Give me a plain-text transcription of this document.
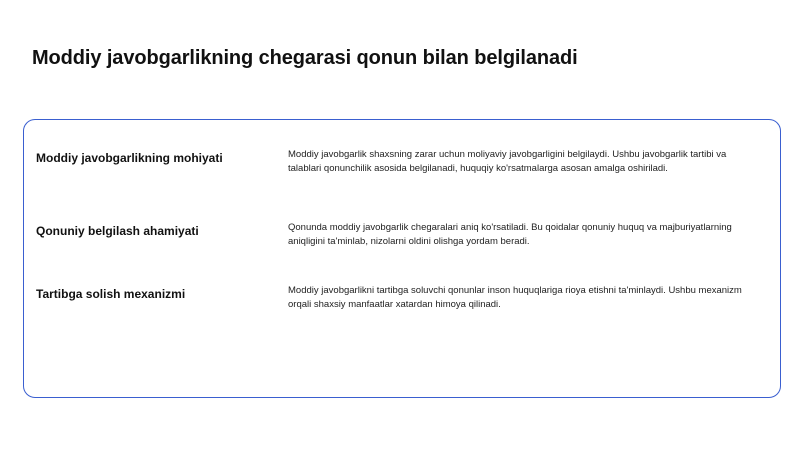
Moddiy javobgarlikning chegarasi qonun bilan belgilanadi
Moddiy javobgarlikning mohiyati	Moddiy javobgarlik shaxsning zarar uchun moliyaviy javobgarligini belgilaydi. Ushbu javobgarlik tartibi va talablari qonunchilik asosida belgilanadi, huquqiy ko'rsatmalarga asosan amalga oshiriladi.

Qonuniy belgilash ahamiyati	Qonunda moddiy javobgarlik chegaralari aniq ko'rsatiladi. Bu qoidalar qonuniy huquq va majburiyatlarning aniqligini ta'minlab, nizolarni oldini olishga yordam beradi.

Tartibga solish mexanizmi	Moddiy javobgarlikni tartibga soluvchi qonunlar inson huquqlariga rioya etishni ta'minlaydi. Ushbu mexanizm orqali shaxsiy manfaatlar xatardan himoya qilinadi.
